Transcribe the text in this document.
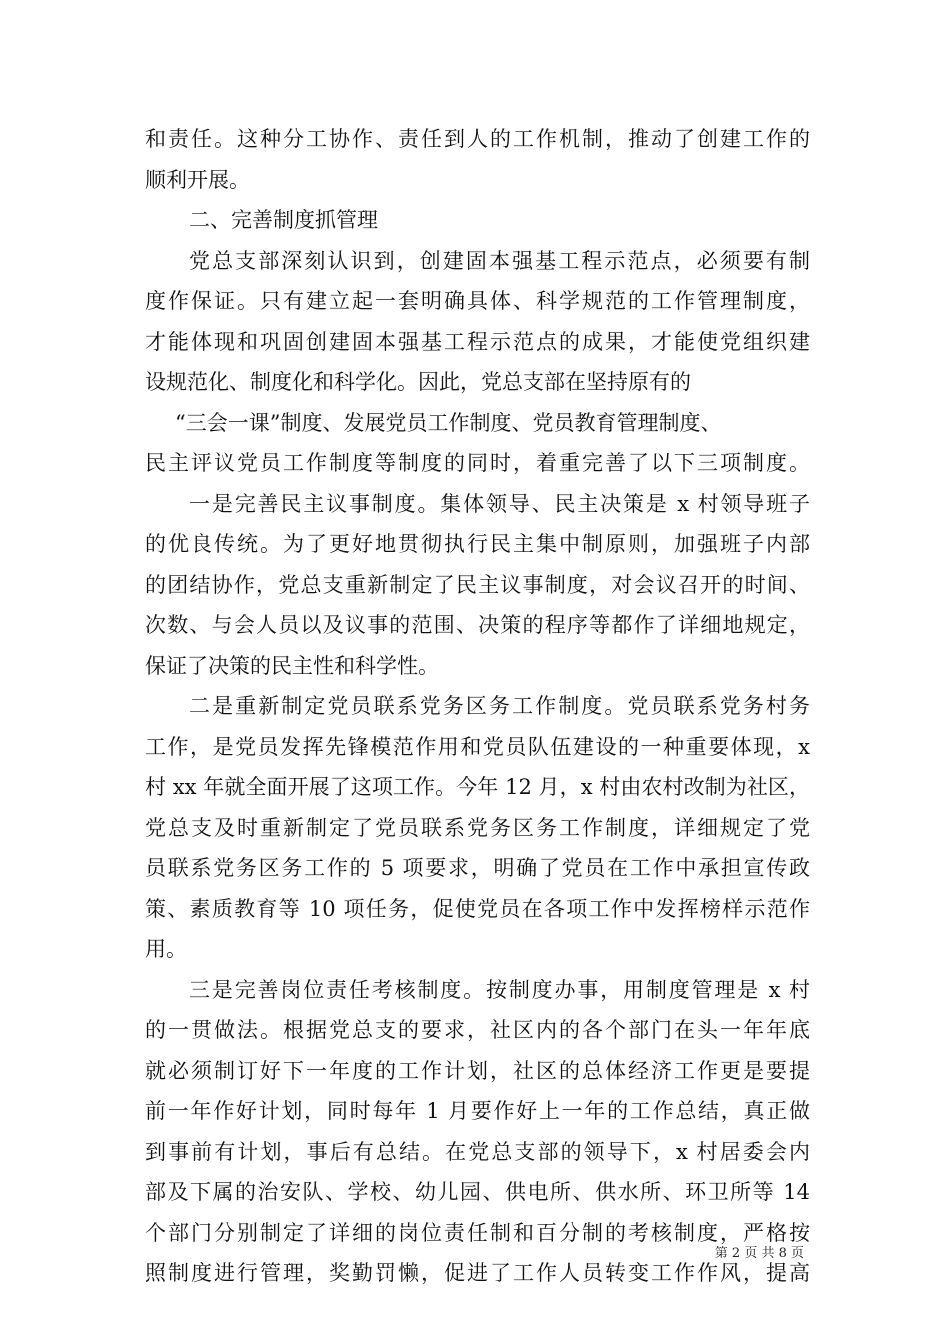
和责任。这种分工协作、责任到人的工作机制，推动了创建工作的
顺利开展。
二、完善制度抓管理
党总支部深刻认识到，创建固本强基工程示范点，必须要有制
度作保证。只有建立起一套明确具体、科学规范的工作管理制度，
才能体现和巩固创建固本强基工程示范点的成果，才能使党组织建
设规范化、制度化和科学化。因此，党总支部在坚持原有的
“三会一课”制度、发展党员工作制度、党员教育管理制度、
民主评议党员工作制度等制度的同时，着重完善了以下三项制度。
一是完善民主议事制度。集体领导、民主决策是 x 村领导班子
的优良传统。为了更好地贯彻执行民主集中制原则，加强班子内部
的团结协作，党总支重新制定了民主议事制度，对会议召开的时间、
次数、与会人员以及议事的范围、决策的程序等都作了详细地规定，
保证了决策的民主性和科学性。
二是重新制定党员联系党务区务工作制度。党员联系党务村务
工作，是党员发挥先锋模范作用和党员队伍建设的一种重要体现，x
村 xx 年就全面开展了这项工作。今年 12 月，x 村由农村改制为社区，
党总支及时重新制定了党员联系党务区务工作制度，详细规定了党
员联系党务区务工作的 5 项要求，明确了党员在工作中承担宣传政
策、素质教育等 10 项任务，促使党员在各项工作中发挥榜样示范作
用。
三是完善岗位责任考核制度。按制度办事，用制度管理是 x 村
的一贯做法。根据党总支的要求，社区内的各个部门在头一年年底
就必须制订好下一年度的工作计划，社区的总体经济工作更是要提
前一年作好计划，同时每年 1 月要作好上一年的工作总结，真正做
到事前有计划，事后有总结。在党总支部的领导下，x 村居委会内
部及下属的治安队、学校、幼儿园、供电所、供水所、环卫所等 14
个部门分别制定了详细的岗位责任制和百分制的考核制度，严格按
照制度进行管理，奖勤罚懒，促进了工作人员转变工作作风，提高
第 2 页 共 8 页
